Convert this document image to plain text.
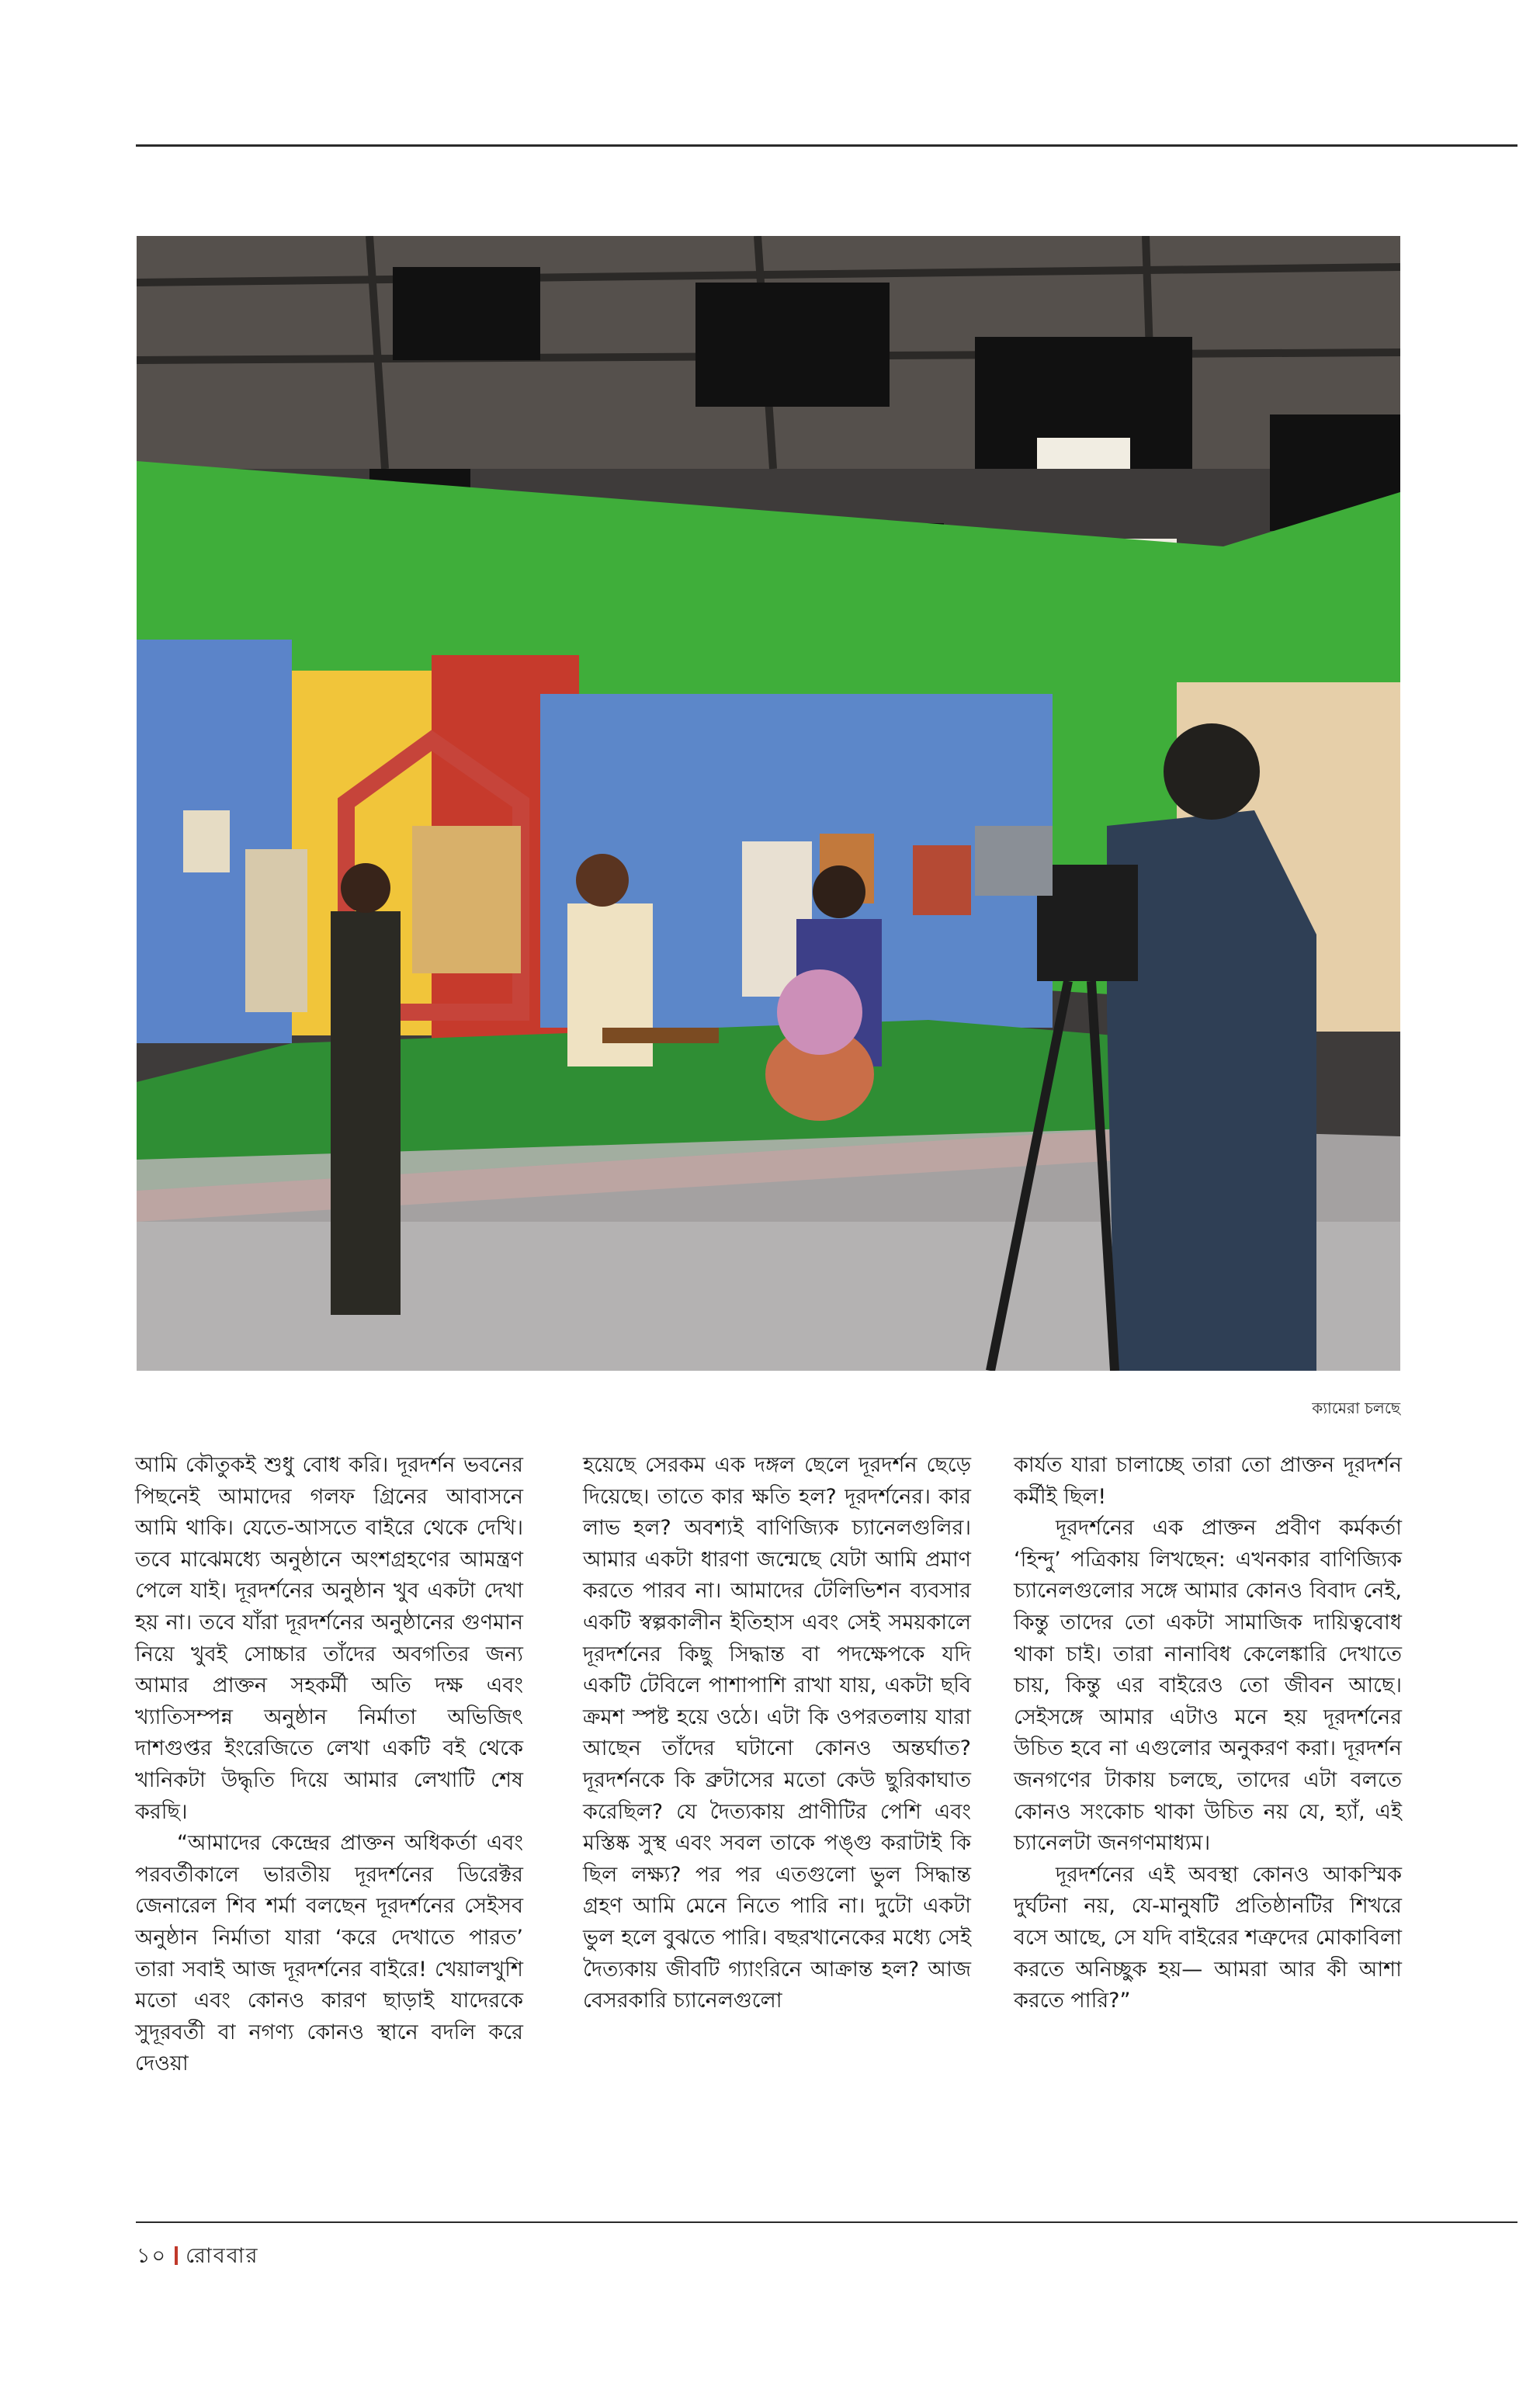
ক্যামেরা চলছে

আমি কৌতুকই শুধু বোধ করি। দূরদর্শন ভবনের পিছনেই আমাদের গলফ গ্রিনের আবাসনে আমি থাকি। যেতে-আসতে বাইরে থেকে দেখি। তবে মাঝেমধ্যে অনুষ্ঠানে অংশগ্রহণের আমন্ত্রণ পেলে যাই। দূরদর্শনের অনুষ্ঠান খুব একটা দেখা হয় না। তবে যাঁরা দূরদর্শনের অনুষ্ঠানের গুণমান নিয়ে খুবই সোচ্চার তাঁদের অবগতির জন্য আমার প্রাক্তন সহকর্মী অতি দক্ষ এবং খ্যাতিসম্পন্ন অনুষ্ঠান নির্মাতা অভিজিৎ দাশগুপ্তর ইংরেজিতে লেখা একটি বই থেকে খানিকটা উদ্ধৃতি দিয়ে আমার লেখাটি শেষ করছি।

“আমাদের কেন্দ্রের প্রাক্তন অধিকর্তা এবং পরবর্তীকালে ভারতীয় দূরদর্শনের ডিরেক্টর জেনারেল শিব শর্মা বলছেন দূরদর্শনের সেইসব অনুষ্ঠান নির্মাতা যারা ‘করে দেখাতে পারত’ তারা সবাই আজ দূরদর্শনের বাইরে! খেয়ালখুশি মতো এবং কোনও কারণ ছাড়াই যাদেরকে সুদূরবর্তী বা নগণ্য কোনও স্থানে বদলি করে দেওয়া

হয়েছে সেরকম এক দঙ্গল ছেলে দূরদর্শন ছেড়ে দিয়েছে। তাতে কার ক্ষতি হল? দূরদর্শনের। কার লাভ হল? অবশ্যই বাণিজ্যিক চ্যানেলগুলির। আমার একটা ধারণা জন্মেছে যেটা আমি প্রমাণ করতে পারব না। আমাদের টেলিভিশন ব্যবসার একটি স্বল্পকালীন ইতিহাস এবং সেই সময়কালে দূরদর্শনের কিছু সিদ্ধান্ত বা পদক্ষেপকে যদি একটি টেবিলে পাশাপাশি রাখা যায়, একটা ছবি ক্রমশ স্পষ্ট হয়ে ওঠে। এটা কি ওপরতলায় যারা আছেন তাঁদের ঘটানো কোনও অন্তর্ঘাত? দূরদর্শনকে কি ব্রুটাসের মতো কেউ ছুরিকাঘাত করেছিল? যে দৈত্যকায় প্রাণীটির পেশি এবং মস্তিষ্ক সুস্থ এবং সবল তাকে পঙ্গু করাটাই কি ছিল লক্ষ্য? পর পর এতগুলো ভুল সিদ্ধান্ত গ্রহণ আমি মেনে নিতে পারি না। দুটো একটা ভুল হলে বুঝতে পারি। বছরখানেকের মধ্যে সেই দৈত্যকায় জীবটি গ্যাংরিনে আক্রান্ত হল? আজ বেসরকারি চ্যানেলগুলো

কার্যত যারা চালাচ্ছে তারা তো প্রাক্তন দূরদর্শন কর্মীই ছিল!

দূরদর্শনের এক প্রাক্তন প্রবীণ কর্মকর্তা ‘হিন্দু’ পত্রিকায় লিখছেন: এখনকার বাণিজ্যিক চ্যানেলগুলোর সঙ্গে আমার কোনও বিবাদ নেই, কিন্তু তাদের তো একটা সামাজিক দায়িত্ববোধ থাকা চাই। তারা নানাবিধ কেলেঙ্কারি দেখাতে চায়, কিন্তু এর বাইরেও তো জীবন আছে। সেইসঙ্গে আমার এটাও মনে হয় দূরদর্শনের উচিত হবে না এগুলোর অনুকরণ করা। দূরদর্শন জনগণের টাকায় চলছে, তাদের এটা বলতে কোনও সংকোচ থাকা উচিত নয় যে, হ্যাঁ, এই চ্যানেলটা জনগণমাধ্যম।

দূরদর্শনের এই অবস্থা কোনও আকস্মিক দুর্ঘটনা নয়, যে-মানুষটি প্রতিষ্ঠানটির শিখরে বসে আছে, সে যদি বাইরের শত্রুদের মোকাবিলা করতে অনিচ্ছুক হয়— আমরা আর কী আশা করতে পারি?”

১০ রোববার
